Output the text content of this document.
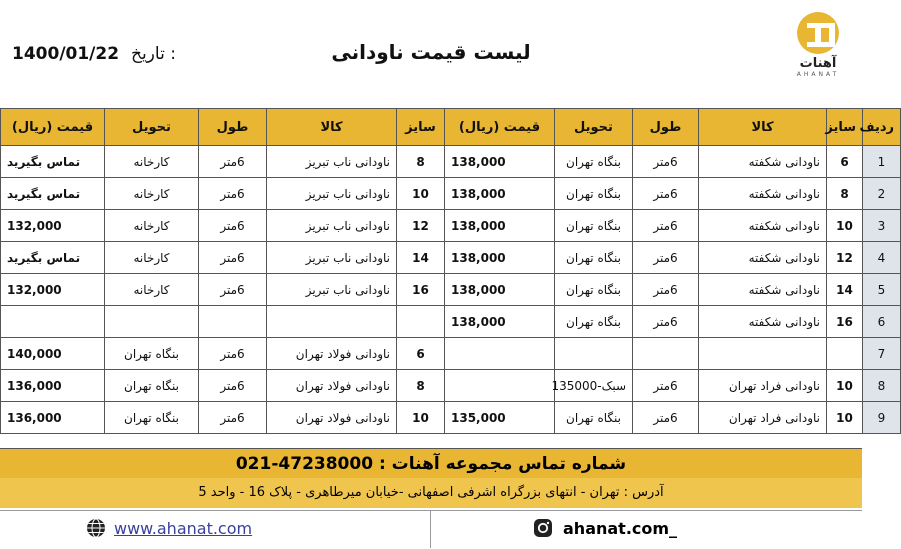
آهنات
AHANAT
لیست قیمت ناودانی
1400/01/22 تاریخ :
ردیف	سایز	کالا	طول	تحویل	قیمت (ریال)	سایز	کالا	طول	تحویل	قیمت (ریال)
1	6	ناودانی شکفته	6متر	بنگاه تهران	138,000	8	ناودانی ناب تبریز	6متر	کارخانه	تماس بگیرید
2	8	ناودانی شکفته	6متر	بنگاه تهران	138,000	10	ناودانی ناب تبریز	6متر	کارخانه	تماس بگیرید
3	10	ناودانی شکفته	6متر	بنگاه تهران	138,000	12	ناودانی ناب تبریز	6متر	کارخانه	132,000
4	12	ناودانی شکفته	6متر	بنگاه تهران	138,000	14	ناودانی ناب تبریز	6متر	کارخانه	تماس بگیرید
5	14	ناودانی شکفته	6متر	بنگاه تهران	138,000	16	ناودانی ناب تبریز	6متر	کارخانه	132,000
6	16	ناودانی شکفته	6متر	بنگاه تهران	138,000					
7						6	ناودانی فولاد تهران	6متر	بنگاه تهران	140,000
8	10	ناودانی فراد تهران	6متر	سبک-135000		8	ناودانی فولاد تهران	6متر	بنگاه تهران	136,000
9	10	ناودانی فراد تهران	6متر	بنگاه تهران	135,000	10	ناودانی فولاد تهران	6متر	بنگاه تهران	136,000
شماره تماس مجموعه آهنات : 47238000-021
آدرس : تهران - انتهای بزرگراه اشرفی اصفهانی -خیابان میرطاهری - پلاک 16 - واحد 5
www.ahanat.com	ahanat.com_
